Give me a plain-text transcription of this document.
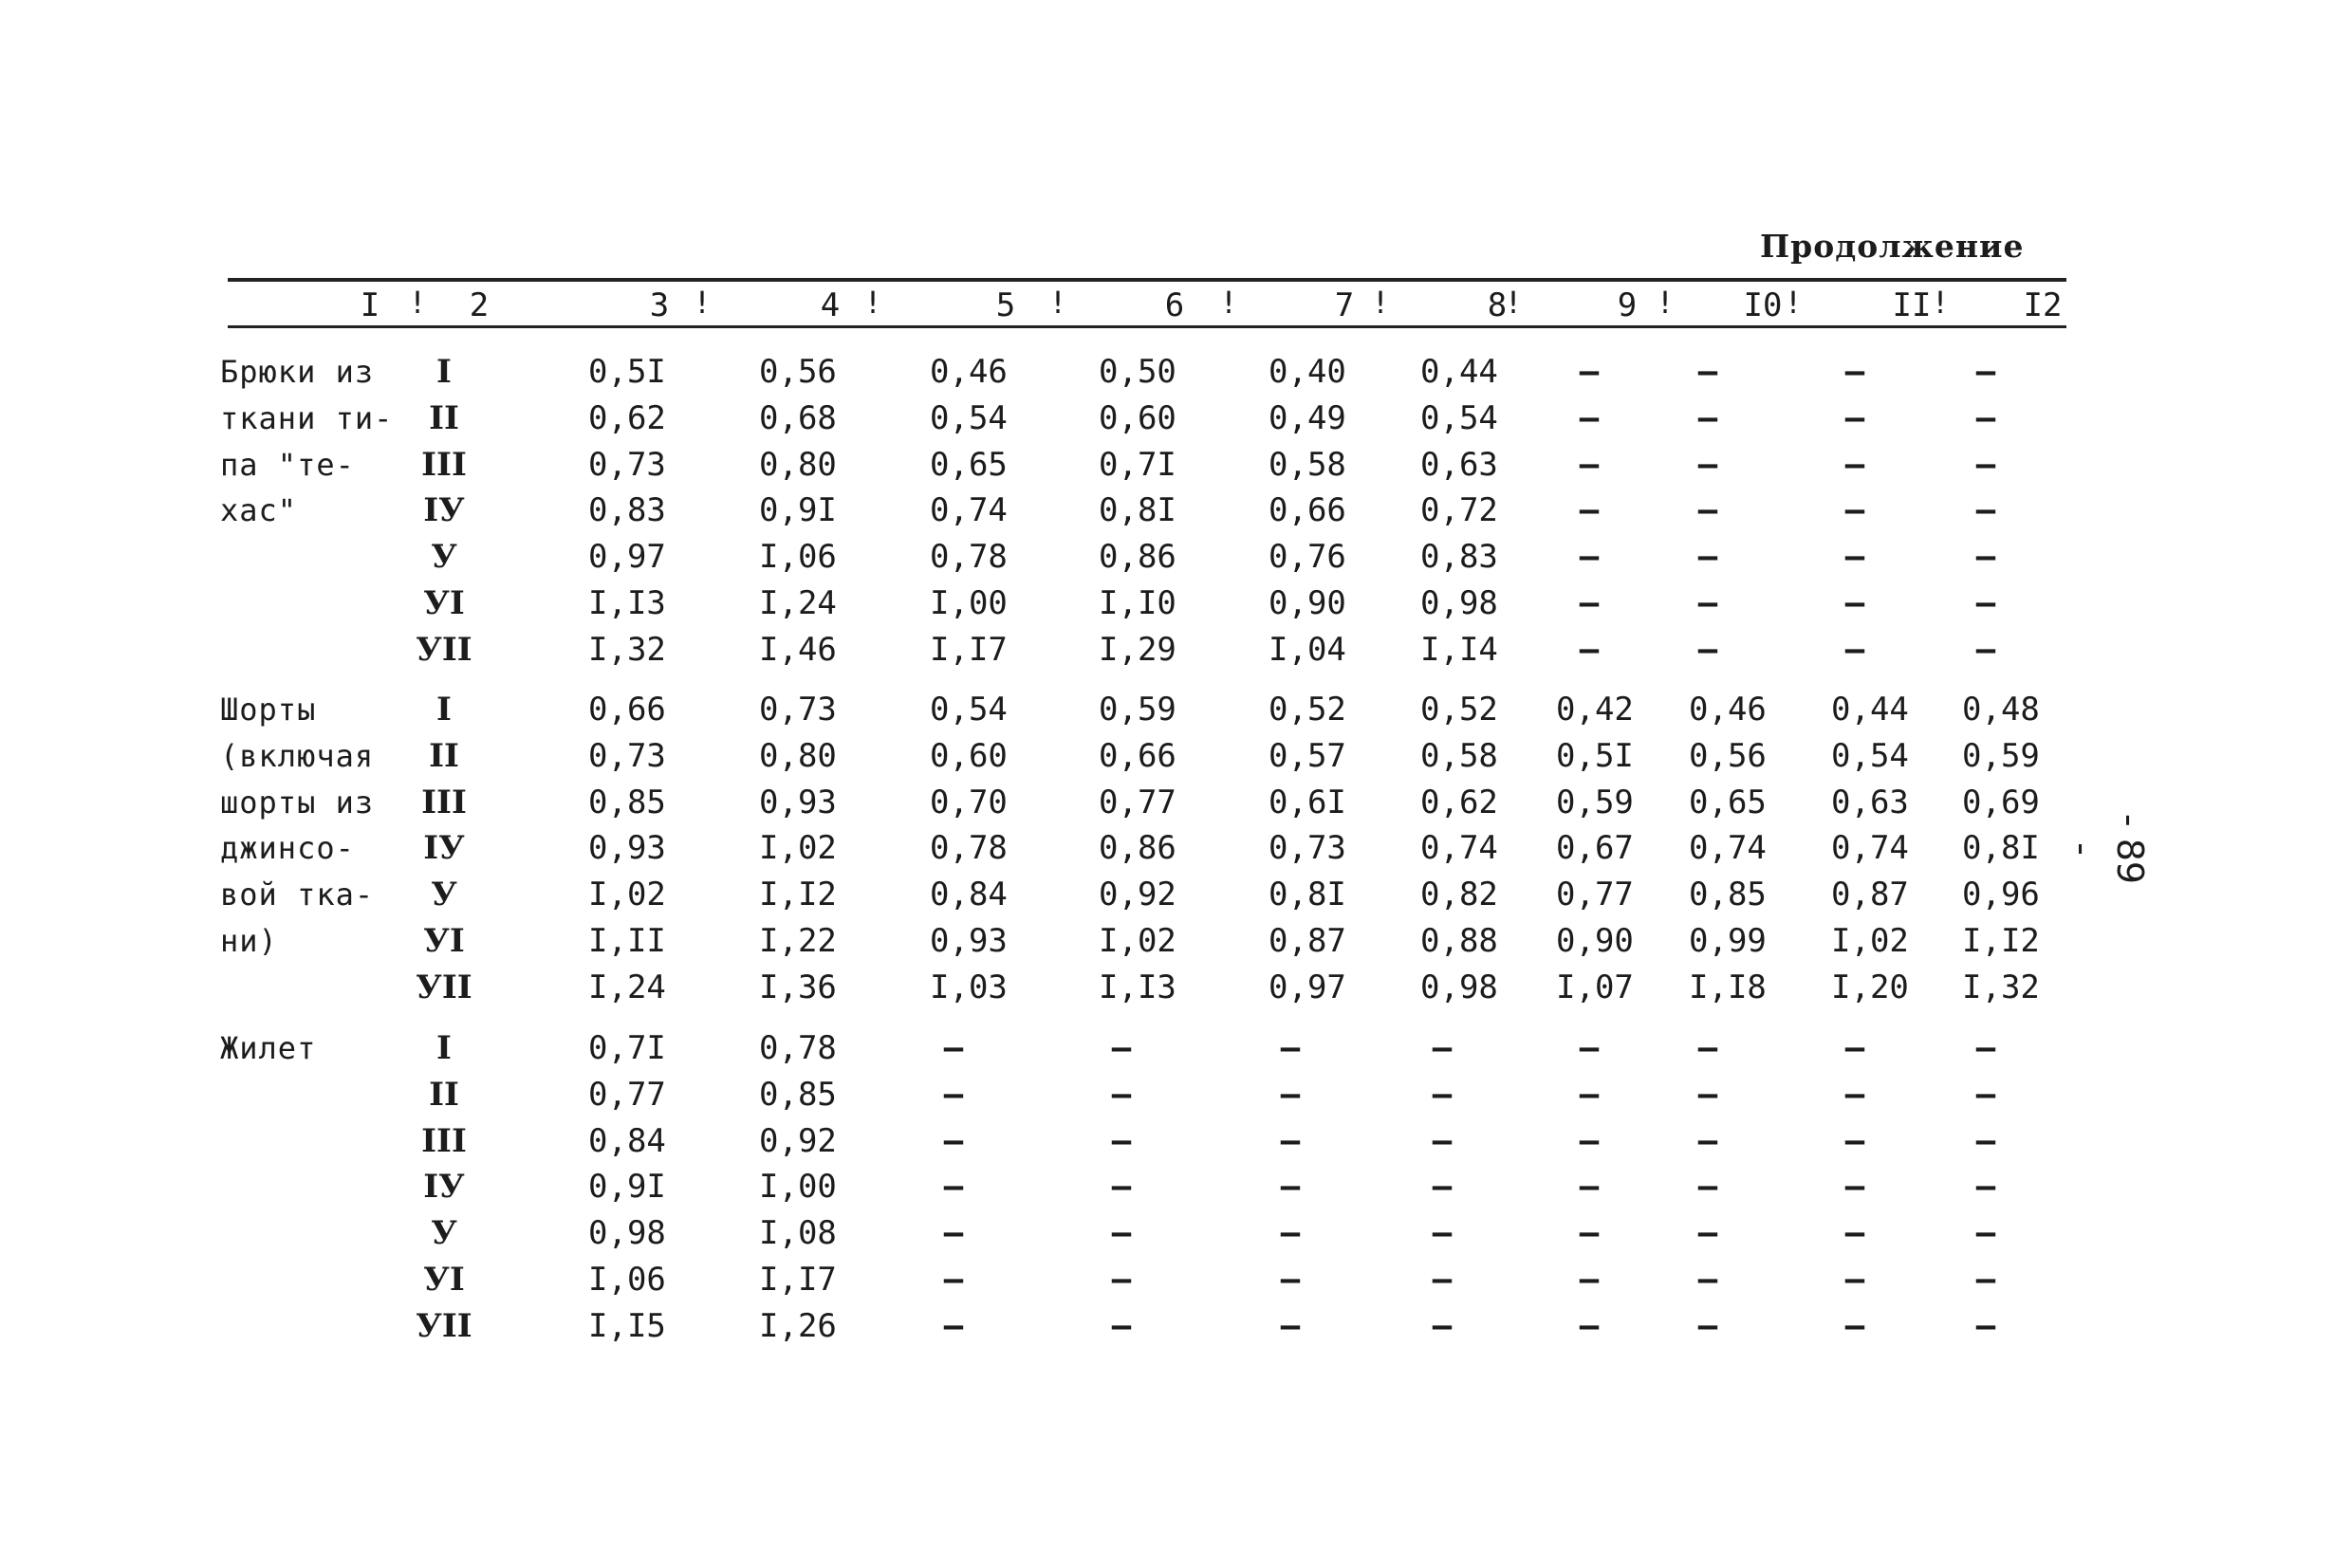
Продолжение
I	2	3	4	5	6	7	8	9	I0	II	I2
!	!	!	!	!	!	!	!	!	!
Брюки из
ткани ти-
па "те-
хас"
I	0,5I	0,56	0,46	0,50	0,40 0,44	–	–	–	–
II	0,62	0,68	0,54	0,60	0,49 0,54	–	–	–	–
III	0,73	0,80	0,65	0,7I	0,58 0,63	–	–	–	–
IУ	0,83	0,9I	0,74	0,8I	0,66 0,72	–	–	–	–
У	0,97	I,06	0,78	0,86	0,76 0,83	–	–	–	–
УI	I,I3	I,24	I,00	I,I0	0,90 0,98	–	–	–	–
УII	I,32	I,46	I,I7	I,29	I,04 I,I4	–	–	–	–
Шорты
(включая
шорты из
джинсо-
вой тка-
ни)
I	0,66	0,73	0,54	0,59	0,52 0,52 0,42 0,46 0,44 0,48
II	0,73	0,80	0,60	0,66	0,57 0,58 0,5I 0,56 0,54 0,59
III	0,85	0,93	0,70	0,77	0,6I 0,62 0,59 0,65 0,63 0,69
IУ	0,93	I,02	0,78	0,86	0,73 0,74 0,67 0,74 0,74 0,8I
У	I,02	I,I2	0,84	0,92	0,8I 0,82 0,77 0,85 0,87 0,96
УI	I,II	I,22	0,93	I,02	0,87 0,88 0,90 0,99 I,02 I,I2
УII	I,24	I,36	I,03	I,I3	0,97 0,98 I,07 I,I8 I,20 I,32
Жилет	I	0,7I	0,78	–	–	–	–	–	–	–	–
II	0,77	0,85	–	–	–	–	–	–	–	–
III	0,84	0,92	–	–	–	–	–	–	–	–
IУ	0,9I	I,00	–	–	–	–	–	–	–	–
У	0,98	I,08	–	–	–	–	–	–	–	–
УI	I,06	I,I7	–	–	–	–	–	–	–	–
УII	I,I5	I,26	–	–	–	–	–	–	–	–
- 89 -
